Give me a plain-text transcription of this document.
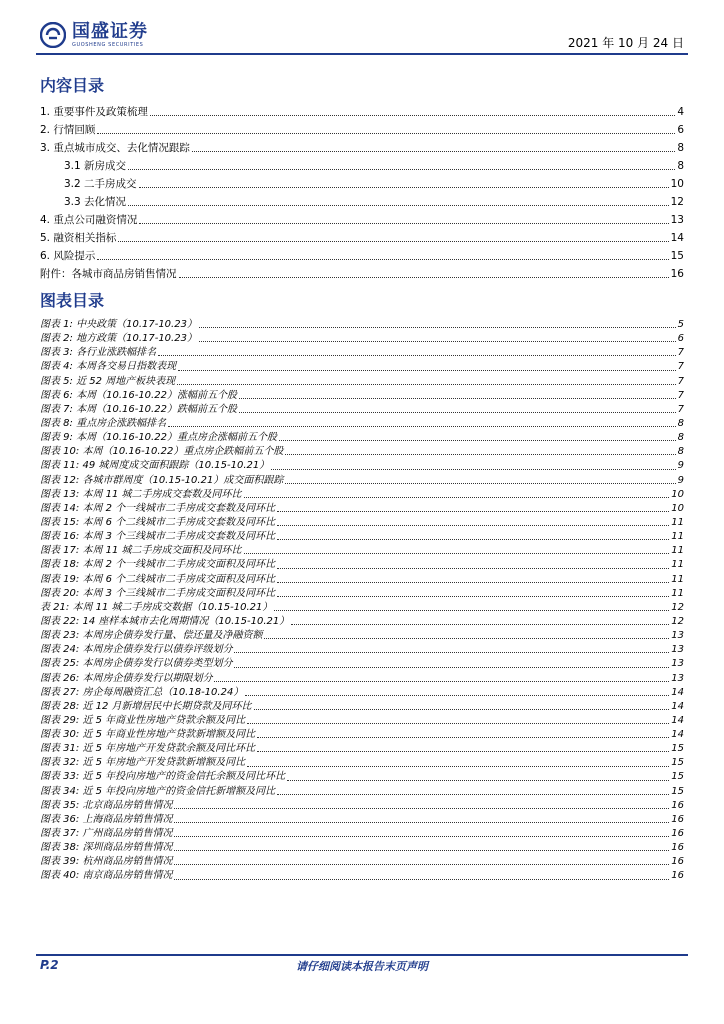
国盛证券
GUOSHENG SECURITIES	2021 年 10 月 24 日
内容目录
1. 重要事件及政策梳理	4
2. 行情回顾	6
3. 重点城市成交、去化情况跟踪	8
3.1 新房成交	8
3.2 二手房成交	10
3.3 去化情况	12
4. 重点公司融资情况	13
5. 融资相关指标	14
6. 风险提示	15
附件：各城市商品房销售情况	16
图表目录
图表 1: 中央政策（10.17-10.23）	5
图表 2: 地方政策（10.17-10.23）	6
图表 3: 各行业涨跌幅排名	7
图表 4: 本周各交易日指数表现	7
图表 5: 近 52 周地产板块表现	7
图表 6: 本周（10.16-10.22）涨幅前五个股	7
图表 7: 本周（10.16-10.22）跌幅前五个股	7
图表 8: 重点房企涨跌幅排名	8
图表 9: 本周（10.16-10.22）重点房企涨幅前五个股	8
图表 10: 本周（10.16-10.22）重点房企跌幅前五个股	8
图表 11: 49 城周度成交面积跟踪（10.15-10.21）	9
图表 12: 各城市群周度（10.15-10.21）成交面积跟踪	9
图表 13: 本周 11 城二手房成交套数及同环比	10
图表 14: 本周 2 个一线城市二手房成交套数及同环比	10
图表 15: 本周 6 个二线城市二手房成交套数及同环比	11
图表 16: 本周 3 个三线城市二手房成交套数及同环比	11
图表 17: 本周 11 城二手房成交面积及同环比	11
图表 18: 本周 2 个一线城市二手房成交面积及同环比	11
图表 19: 本周 6 个二线城市二手房成交面积及同环比	11
图表 20: 本周 3 个三线城市二手房成交面积及同环比	11
表 21: 本周 11 城二手房成交数据（10.15-10.21）	12
图表 22: 14 座样本城市去化周期情况（10.15-10.21）	12
图表 23: 本周房企债券发行量、偿还量及净融资额	13
图表 24: 本周房企债券发行以债券评级划分	13
图表 25: 本周房企债券发行以债券类型划分	13
图表 26: 本周房企债券发行以期限划分	13
图表 27: 房企每周融资汇总（10.18-10.24）	14
图表 28: 近 12 月新增居民中长期贷款及同环比	14
图表 29: 近 5 年商业性房地产贷款余额及同比	14
图表 30: 近 5 年商业性房地产贷款新增额及同比	14
图表 31: 近 5 年房地产开发贷款余额及同比环比	15
图表 32: 近 5 年房地产开发贷款新增额及同比	15
图表 33: 近 5 年投向房地产的资金信托余额及同比环比	15
图表 34: 近 5 年投向房地产的资金信托新增额及同比	15
图表 35: 北京商品房销售情况	16
图表 36: 上海商品房销售情况	16
图表 37: 广州商品房销售情况	16
图表 38: 深圳商品房销售情况	16
图表 39: 杭州商品房销售情况	16
图表 40: 南京商品房销售情况	16
P.2	请仔细阅读本报告末页声明
